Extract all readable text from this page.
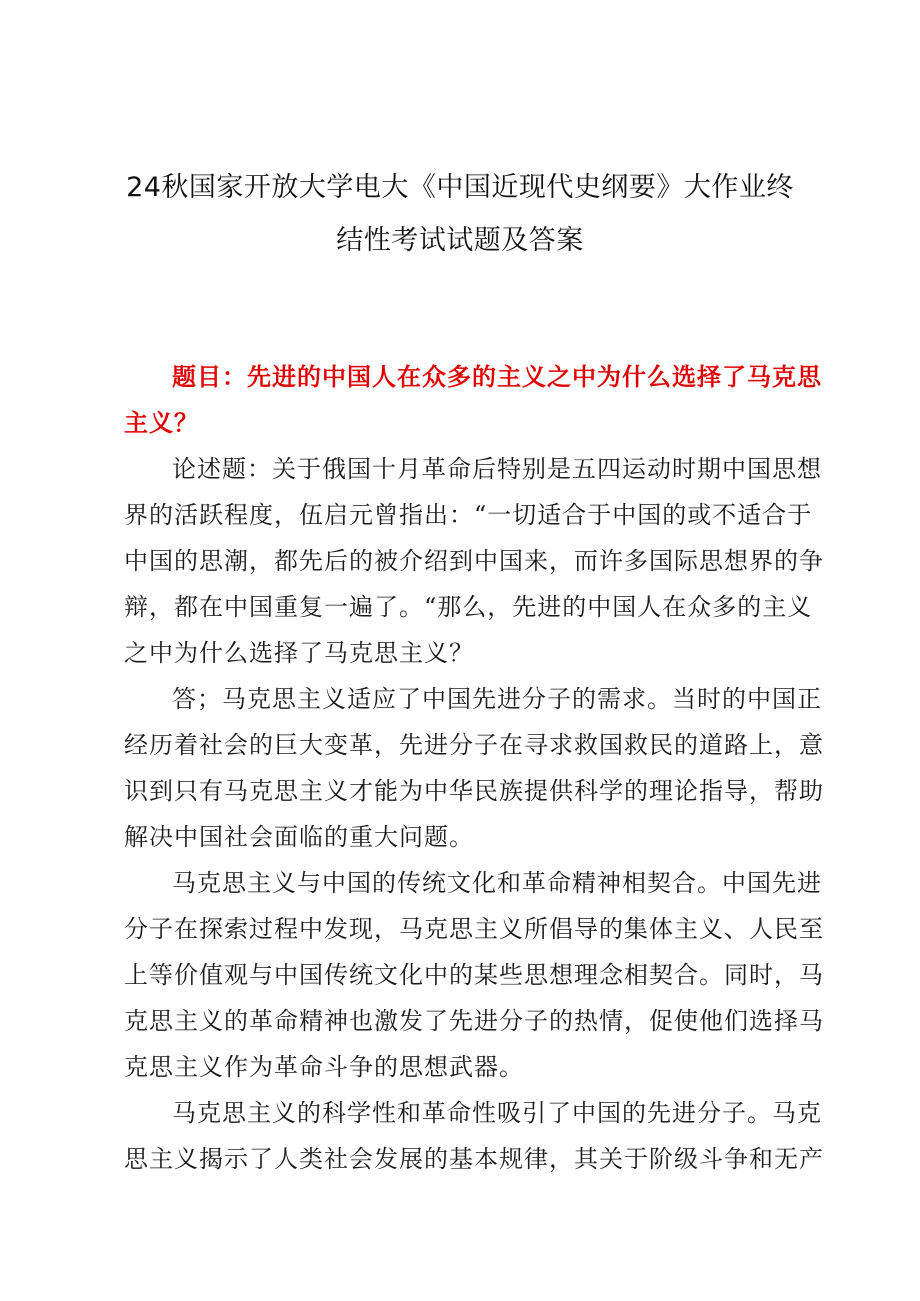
24秋国家开放大学电大《中国近现代史纲要》大作业终
结性考试试题及答案
题目：先进的中国人在众多的主义之中为什么选择了马克思
主义？
论述题：关于俄国十月革命后特别是五四运动时期中国思想
界的活跃程度，伍启元曾指出：“一切适合于中国的或不适合于
中国的思潮，都先后的被介绍到中国来，而许多国际思想界的争
辩，都在中国重复一遍了。“那么，先进的中国人在众多的主义
之中为什么选择了马克思主义？
答；马克思主义适应了中国先进分子的需求。当时的中国正
经历着社会的巨大变革，先进分子在寻求救国救民的道路上，意
识到只有马克思主义才能为中华民族提供科学的理论指导，帮助
解决中国社会面临的重大问题。
马克思主义与中国的传统文化和革命精神相契合。中国先进
分子在探索过程中发现，马克思主义所倡导的集体主义、人民至
上等价值观与中国传统文化中的某些思想理念相契合。同时，马
克思主义的革命精神也激发了先进分子的热情，促使他们选择马
克思主义作为革命斗争的思想武器。
马克思主义的科学性和革命性吸引了中国的先进分子。马克
思主义揭示了人类社会发展的基本规律，其关于阶级斗争和无产
